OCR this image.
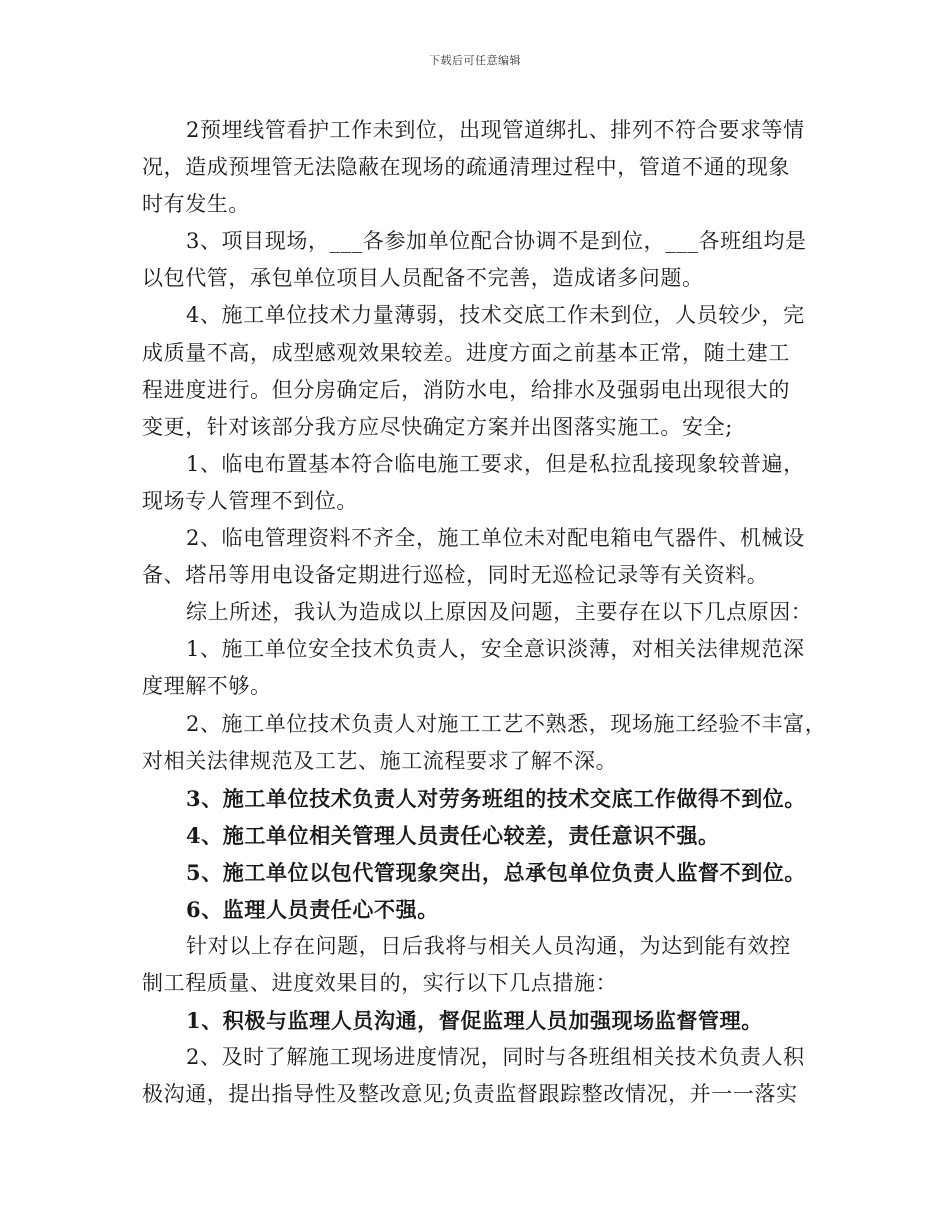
下载后可任意编辑
2预埋线管看护工作未到位，出现管道绑扎、排列不符合要求等情
况，造成预埋管无法隐蔽在现场的疏通清理过程中，管道不通的现象
时有发生。
3、项目现场，___各参加单位配合协调不是到位，___各班组均是
以包代管，承包单位项目人员配备不完善，造成诸多问题。
4、施工单位技术力量薄弱，技术交底工作未到位，人员较少，完
成质量不高，成型感观效果较差。进度方面之前基本正常，随土建工
程进度进行。但分房确定后，消防水电，给排水及强弱电出现很大的
变更，针对该部分我方应尽快确定方案并出图落实施工。安全;
1、临电布置基本符合临电施工要求，但是私拉乱接现象较普遍，
现场专人管理不到位。
2、临电管理资料不齐全，施工单位未对配电箱电气器件、机械设
备、塔吊等用电设备定期进行巡检，同时无巡检记录等有关资料。
综上所述，我认为造成以上原因及问题，主要存在以下几点原因：
1、施工单位安全技术负责人，安全意识淡薄，对相关法律规范深
度理解不够。
2、施工单位技术负责人对施工工艺不熟悉，现场施工经验不丰富，
对相关法律规范及工艺、施工流程要求了解不深。
3、施工单位技术负责人对劳务班组的技术交底工作做得不到位。
4、施工单位相关管理人员责任心较差，责任意识不强。
5、施工单位以包代管现象突出，总承包单位负责人监督不到位。
6、监理人员责任心不强。
针对以上存在问题，日后我将与相关人员沟通，为达到能有效控
制工程质量、进度效果目的，实行以下几点措施：
1、积极与监理人员沟通，督促监理人员加强现场监督管理。
2、及时了解施工现场进度情况，同时与各班组相关技术负责人积
极沟通，提出指导性及整改意见;负责监督跟踪整改情况，并一一落实
